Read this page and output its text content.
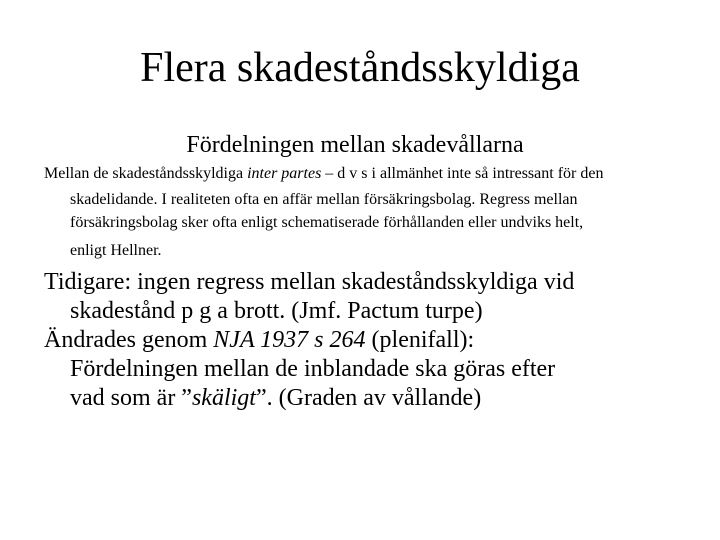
Flera skadeståndsskyldiga
Fördelningen mellan skadevållarna
Mellan de skadeståndsskyldiga inter partes – d v s i allmänhet inte så intressant för den
skadelidande. I realiteten ofta en affär mellan försäkringsbolag. Regress mellan
försäkringsbolag sker ofta enligt schematiserade förhållanden eller undviks helt,
enligt Hellner.
Tidigare: ingen regress mellan skadeståndsskyldiga vid
skadestånd p g a brott. (Jmf. Pactum turpe)
Ändrades genom NJA 1937 s 264 (plenifall):
Fördelningen mellan de inblandade ska göras efter
vad som är ”skäligt”. (Graden av vållande)
